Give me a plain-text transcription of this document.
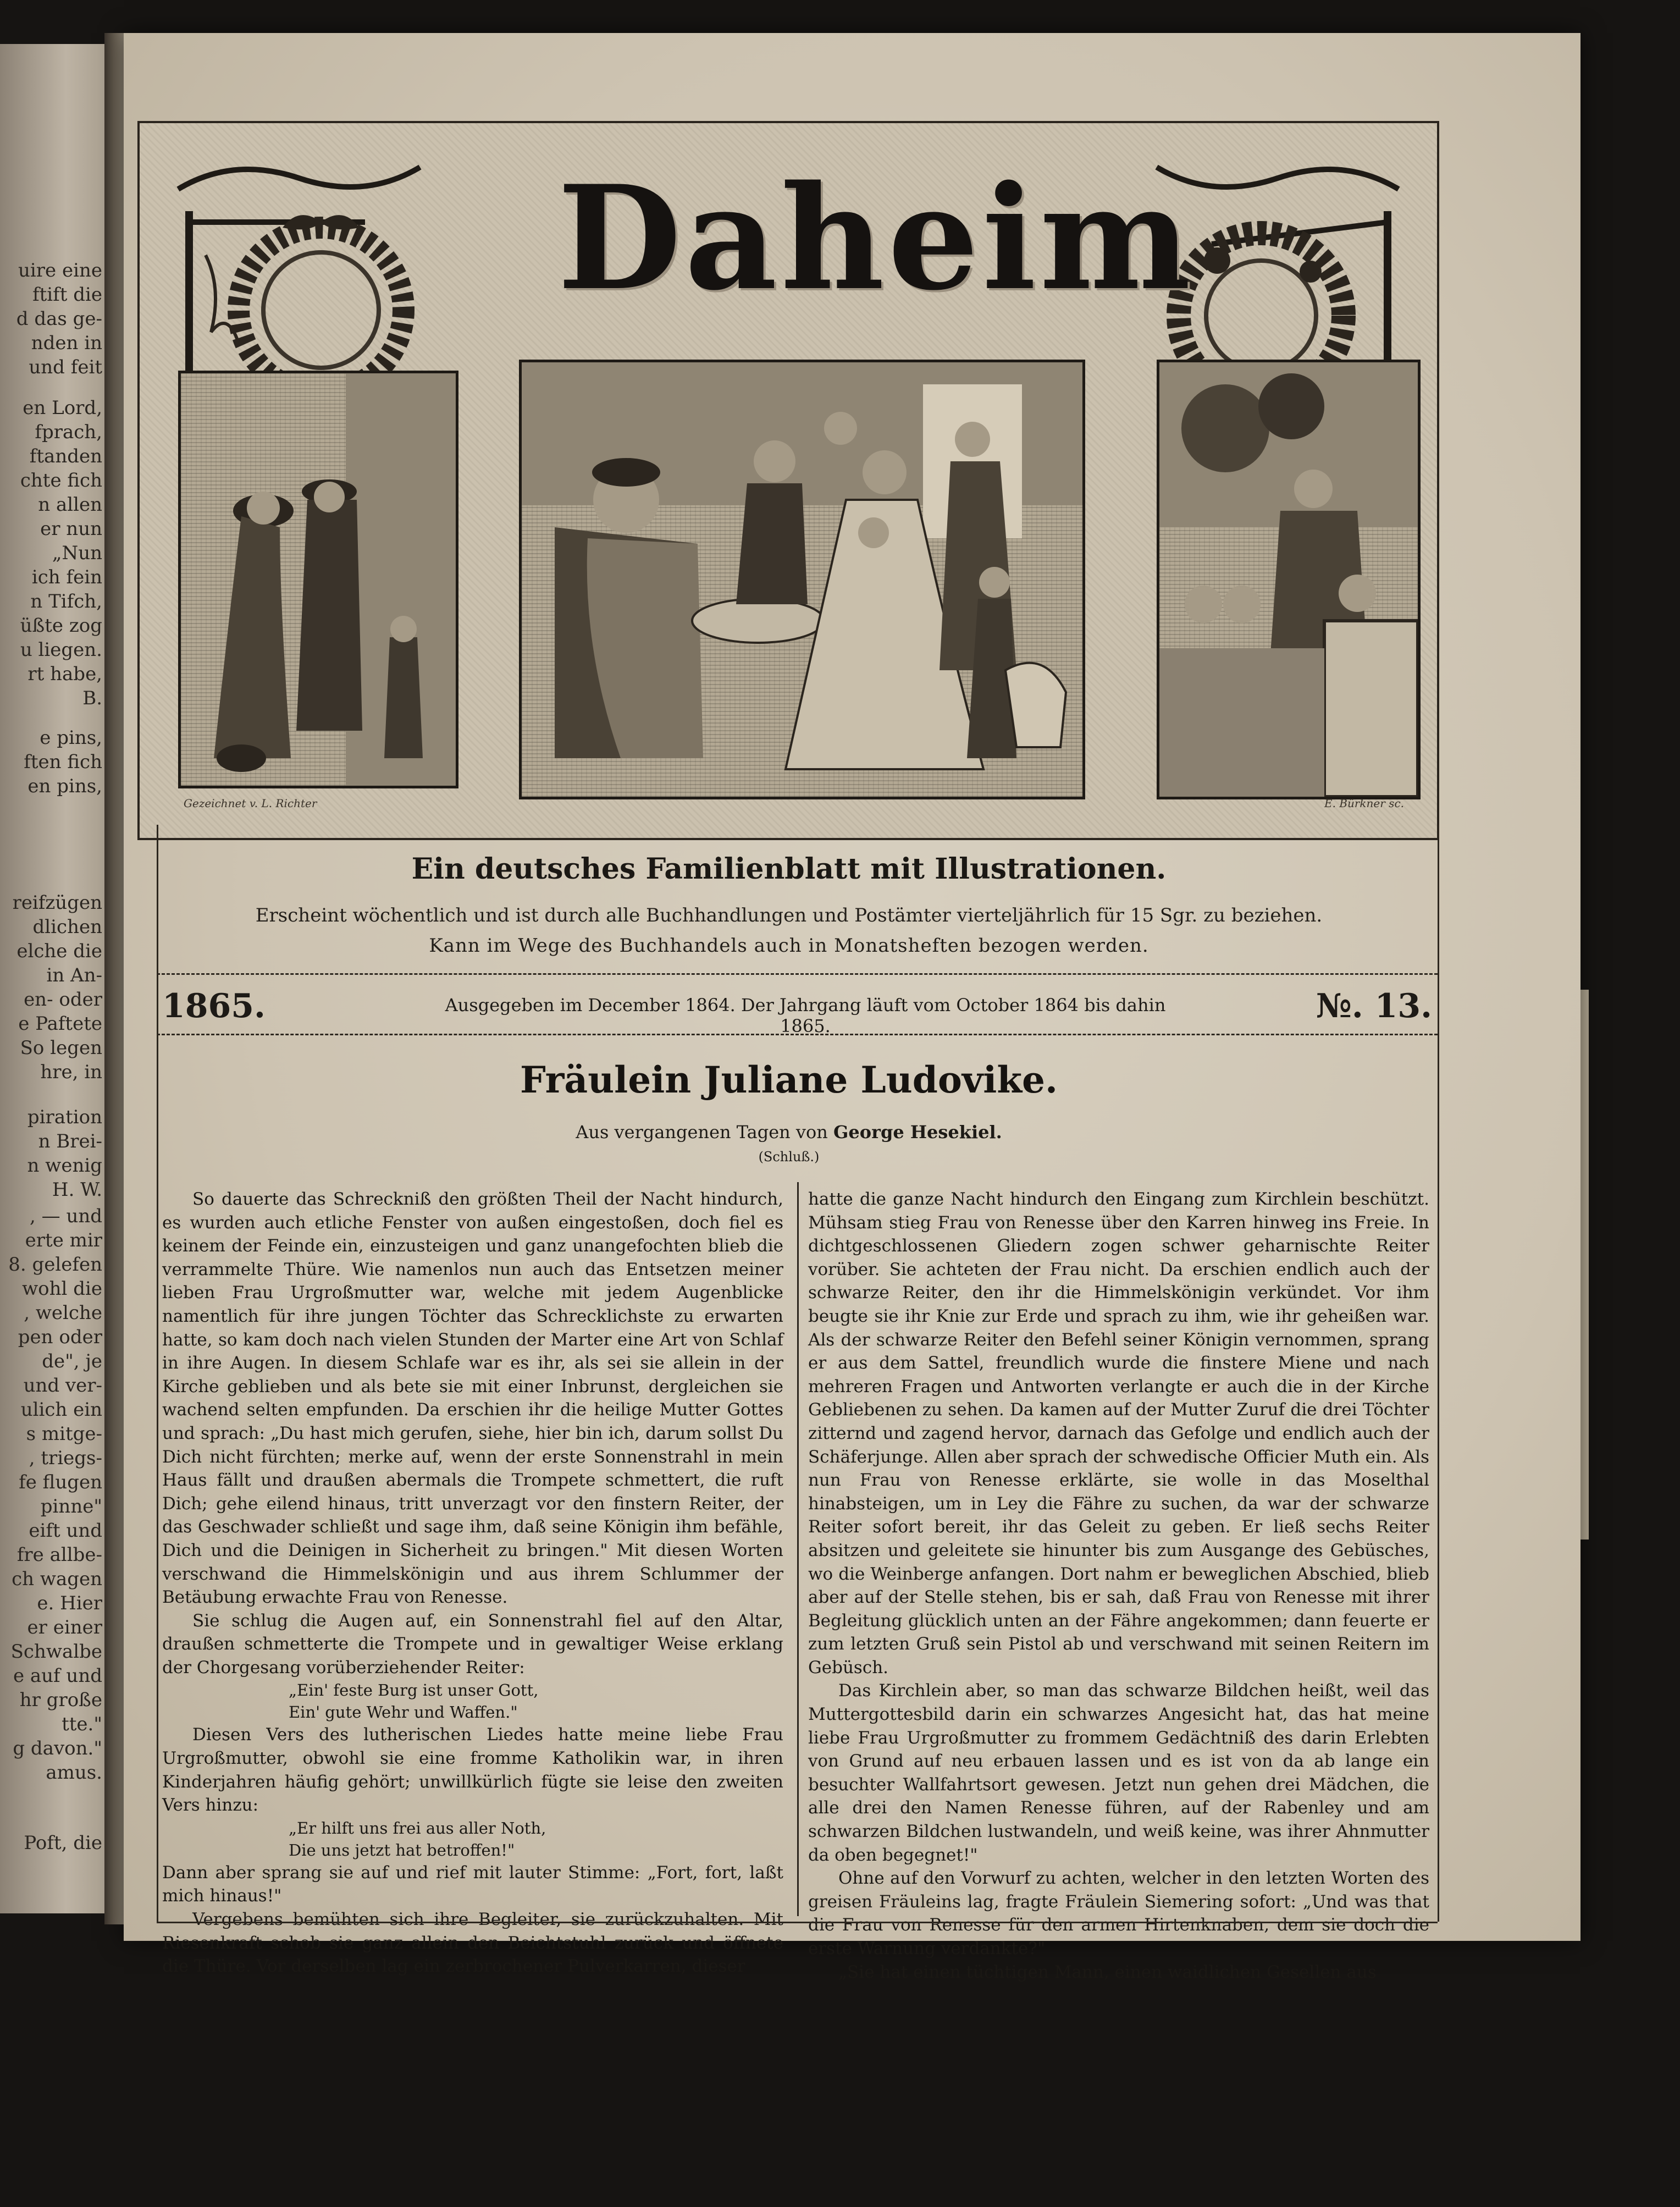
uire eine
ftift die
d das ge-
nden in
und feit
en Lord,
fprach,
ftanden
chte fich
n allen
er nun
„Nun
ich fein
n Tifch,
üßte zog
u liegen.
rt habe,
B.
e pins,
ften fich
en pins,
reifzügen
dlichen
elche die
in An-
en- oder
e Paftete
So legen
hre, in
piration
n Brei-
n wenig
H. W.
, — und
erte mir
8. gelefen
wohl die
, welche
pen oder
de", je
und ver-
ulich ein
s mitge-
, triegs-
fe flugen
pinne"
eift und
fre allbe-
ch wagen
e. Hier
er einer
Schwalbe
e auf und
hr große
tte."
g davon."
amus.
Poft, die
Daheim
Gezeichnet v. L. Richter	E. Bürkner sc.
Ein deutsches Familienblatt mit Illustrationen.
Erscheint wöchentlich und ist durch alle Buchhandlungen und Postämter vierteljährlich für 15 Sgr. zu beziehen.
Kann im Wege des Buchhandels auch in Monatsheften bezogen werden.
1865.	Ausgegeben im December 1864. Der Jahrgang läuft vom October 1864 bis dahin 1865.
№. 13.
Fräulein Juliane Ludovike.
Aus vergangenen Tagen von George Hesekiel.
(Schluß.)

So dauerte das Schreckniß den größten Theil der Nacht hindurch, es wurden auch etliche Fenster von außen eingestoßen, doch fiel es keinem der Feinde ein, einzusteigen und ganz unangefochten blieb die verrammelte Thüre. Wie namenlos nun auch das Entsetzen meiner lieben Frau Urgroßmutter war, welche mit jedem Augenblicke namentlich für ihre jungen Töchter das Schrecklichste zu erwarten hatte, so kam doch nach vielen Stunden der Marter eine Art von Schlaf in ihre Augen. In diesem Schlafe war es ihr, als sei sie allein in der Kirche geblieben und als bete sie mit einer Inbrunst, dergleichen sie wachend selten empfunden. Da erschien ihr die heilige Mutter Gottes und sprach: „Du hast mich gerufen, siehe, hier bin ich, darum sollst Du Dich nicht fürchten; merke auf, wenn der erste Sonnenstrahl in mein Haus fällt und draußen abermals die Trompete schmettert, die ruft Dich; gehe eilend hinaus, tritt unverzagt vor den finstern Reiter, der das Geschwader schließt und sage ihm, daß seine Königin ihm befähle, Dich und die Deinigen in Sicherheit zu bringen." Mit diesen Worten verschwand die Himmelskönigin und aus ihrem Schlummer der Betäubung erwachte Frau von Renesse.

Sie schlug die Augen auf, ein Sonnenstrahl fiel auf den Altar, draußen schmetterte die Trompete und in gewaltiger Weise erklang der Chorgesang vorüberziehender Reiter:

„Ein' feste Burg ist unser Gott,

Ein' gute Wehr und Waffen."

Diesen Vers des lutherischen Liedes hatte meine liebe Frau Urgroßmutter, obwohl sie eine fromme Katholikin war, in ihren Kinderjahren häufig gehört; unwillkürlich fügte sie leise den zweiten Vers hinzu:

„Er hilft uns frei aus aller Noth,

Die uns jetzt hat betroffen!"

Dann aber sprang sie auf und rief mit lauter Stimme: „Fort, fort, laßt mich hinaus!"

Vergebens bemühten sich ihre Begleiter, sie zurückzuhalten. Mit Riesenkraft schob sie ganz allein den Beichtstuhl zurück und öffnete die Thüre. Vor derselben lag ein zerbrochener Pulverkarren, dieser

hatte die ganze Nacht hindurch den Eingang zum Kirchlein beschützt. Mühsam stieg Frau von Renesse über den Karren hinweg ins Freie. In dichtgeschlossenen Gliedern zogen schwer geharnischte Reiter vorüber. Sie achteten der Frau nicht. Da erschien endlich auch der schwarze Reiter, den ihr die Himmelskönigin verkündet. Vor ihm beugte sie ihr Knie zur Erde und sprach zu ihm, wie ihr geheißen war. Als der schwarze Reiter den Befehl seiner Königin vernommen, sprang er aus dem Sattel, freundlich wurde die finstere Miene und nach mehreren Fragen und Antworten verlangte er auch die in der Kirche Gebliebenen zu sehen. Da kamen auf der Mutter Zuruf die drei Töchter zitternd und zagend hervor, darnach das Gefolge und endlich auch der Schäferjunge. Allen aber sprach der schwedische Officier Muth ein. Als nun Frau von Renesse erklärte, sie wolle in das Moselthal hinabsteigen, um in Ley die Fähre zu suchen, da war der schwarze Reiter sofort bereit, ihr das Geleit zu geben. Er ließ sechs Reiter absitzen und geleitete sie hinunter bis zum Ausgange des Gebüsches, wo die Weinberge anfangen. Dort nahm er beweglichen Abschied, blieb aber auf der Stelle stehen, bis er sah, daß Frau von Renesse mit ihrer Begleitung glücklich unten an der Fähre angekommen; dann feuerte er zum letzten Gruß sein Pistol ab und verschwand mit seinen Reitern im Gebüsch.

Das Kirchlein aber, so man das schwarze Bildchen heißt, weil das Muttergottesbild darin ein schwarzes Angesicht hat, das hat meine liebe Frau Urgroßmutter zu frommem Gedächtniß des darin Erlebten von Grund auf neu erbauen lassen und es ist von da ab lange ein besuchter Wallfahrtsort gewesen. Jetzt nun gehen drei Mädchen, die alle drei den Namen Renesse führen, auf der Rabenley und am schwarzen Bildchen lustwandeln, und weiß keine, was ihrer Ahnmutter da oben begegnet!"

Ohne auf den Vorwurf zu achten, welcher in den letzten Worten des greisen Fräuleins lag, fragte Fräulein Siemering sofort: „Und was that die Frau von Renesse für den armen Hirtenknaben, dem sie doch die erste Warnung verdankte?"

„Sie hat einen tüchtigen Mann, einen waidlichen Gesellen aus
